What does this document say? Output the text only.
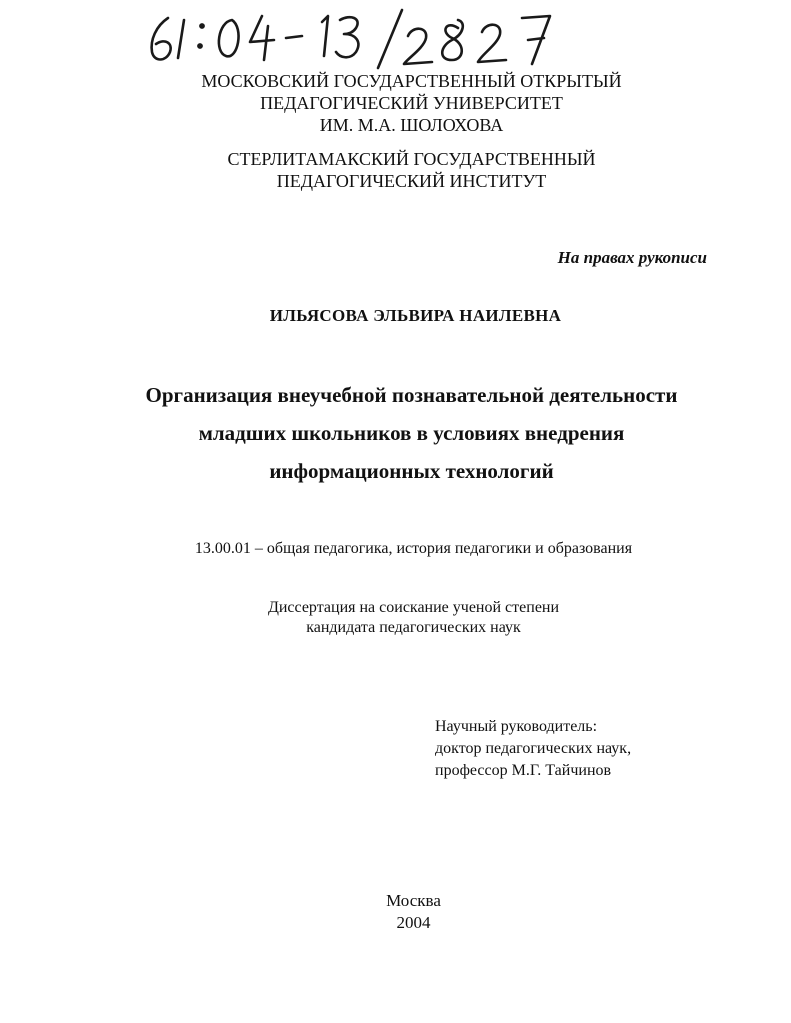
МОСКОВСКИЙ ГОСУДАРСТВЕННЫЙ ОТКРЫТЫЙ
ПЕДАГОГИЧЕСКИЙ УНИВЕРСИТЕТ
ИМ. М.А. ШОЛОХОВА
СТЕРЛИТАМАКСКИЙ ГОСУДАРСТВЕННЫЙ
ПЕДАГОГИЧЕСКИЙ ИНСТИТУТ
На правах рукописи
ИЛЬЯСОВА ЭЛЬВИРА НАИЛЕВНА
Организация внеучебной познавательной деятельности
младших школьников в условиях внедрения
информационных технологий
13.00.01 – общая педагогика, история педагогики и образования
Диссертация на соискание ученой степени
кандидата педагогических наук
Научный руководитель:
доктор педагогических наук,
профессор М.Г. Тайчинов
Москва
2004
